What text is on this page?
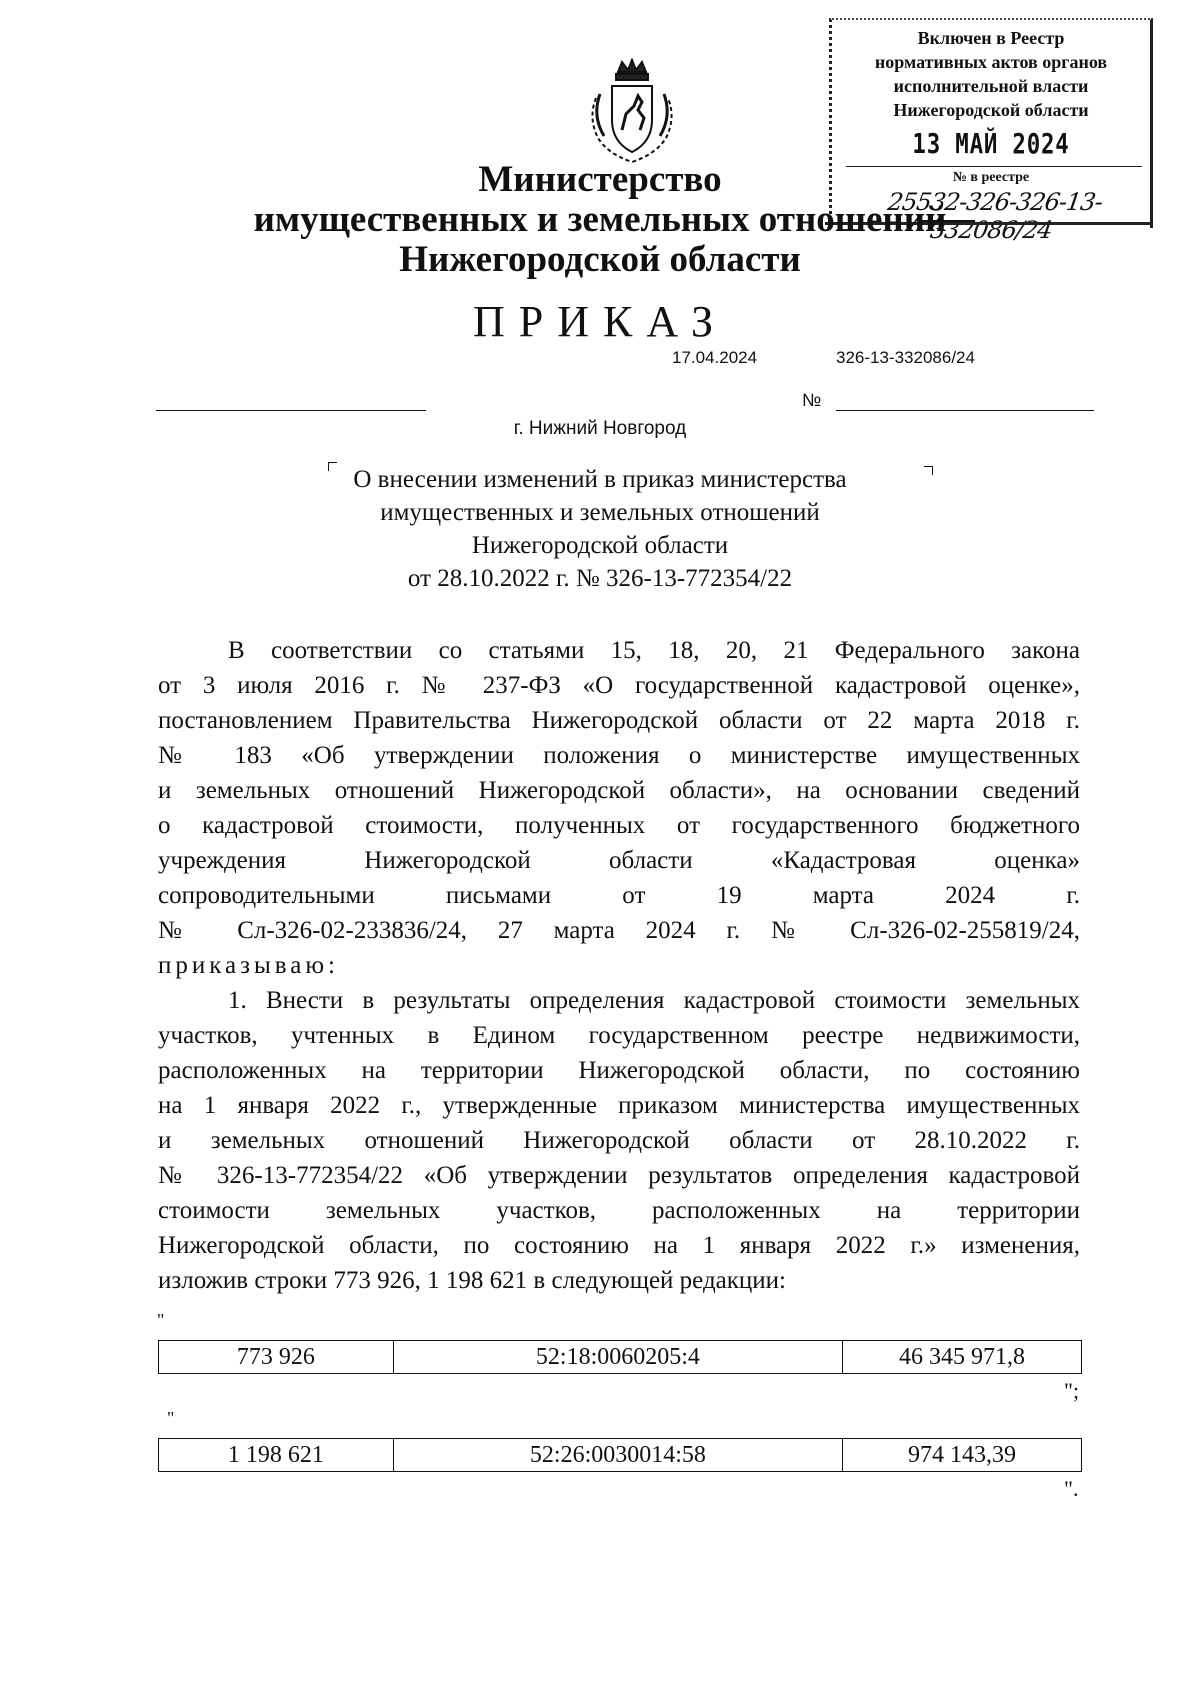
Включен в Реестр
нормативных актов органов
исполнительной власти
Нижегородской области
13 МАЙ 2024
№ в реестре
25532-326-326-13-332086/24
Министерство
имущественных и земельных отношений
Нижегородской области
ПРИКАЗ
17.04.2024	326-13-332086/24
№
г. Нижний Новгород
О внесении изменений в приказ министерства
имущественных и земельных отношений
Нижегородской области
от 28.10.2022 г. № 326-13-772354/22
В соответствии со статьями 15, 18, 20, 21 Федерального закона
от 3 июля 2016 г. № 237-ФЗ «О государственной кадастровой оценке»,
постановлением Правительства Нижегородской области от 22 марта 2018 г.
№ 183 «Об утверждении положения о министерстве имущественных
и земельных отношений Нижегородской области», на основании сведений
о кадастровой стоимости, полученных от государственного бюджетного
учреждения Нижегородской области «Кадастровая оценка»
сопроводительными письмами от 19 марта 2024 г.
№ Сл-326-02-233836/24, 27 марта 2024 г. № Сл-326-02-255819/24,
приказываю:
1. Внести в результаты определения кадастровой стоимости земельных
участков, учтенных в Едином государственном реестре недвижимости,
расположенных на территории Нижегородской области, по состоянию
на 1 января 2022 г., утвержденные приказом министерства имущественных
и земельных отношений Нижегородской области от 28.10.2022 г.
№ 326-13-772354/22 «Об утверждении результатов определения кадастровой
стоимости земельных участков, расположенных на территории
Нижегородской области, по состоянию на 1 января 2022 г.» изменения,
изложив строки 773 926, 1 198 621 в следующей редакции:
"
773 926	52:18:0060205:4	46 345 971,8
";
"
1 198 621	52:26:0030014:58	974 143,39
".
